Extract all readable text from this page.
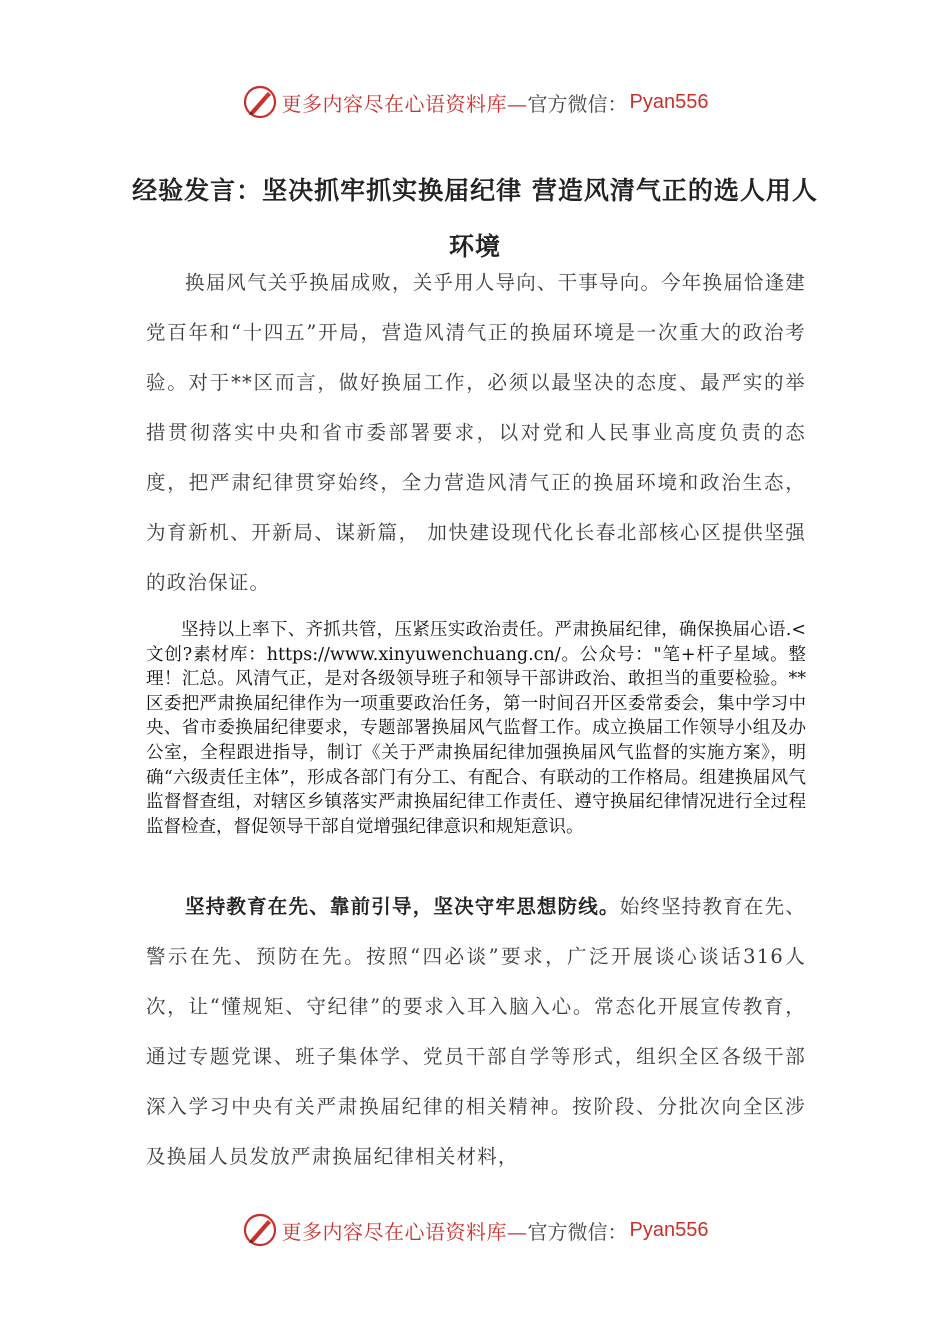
更多内容尽在心语资料库— 官方微信： Pyan556
经验发言：坚决抓牢抓实换届纪律 营造风清气正的选人用人环境

换届风气关乎换届成败，关乎用人导向、干事导向。今年换届恰逢建党百年和“十四五”开局，营造风清气正的换届环境是一次重大的政治考验。对于**区而言，做好换届工作，必须以最坚决的态度、最严实的举措贯彻落实中央和省市委部署要求，以对党和人民事业高度负责的态度，把严肃纪律贯穿始终，全力营造风清气正的换届环境和政治生态，为育新机、开新局、谋新篇， 加快建设现代化长春北部核心区提供坚强的政治保证。

坚持以上率下、齐抓共管，压紧压实政治责任。严肃换届纪律，确保换届心语.<文创?素材库：https://www.xinyuwenchuang.cn/。公众号："笔+杆子星域。整理！汇总。风清气正，是对各级领导班子和领导干部讲政治、敢担当的重要检验。**区委把严肃换届纪律作为一项重要政治任务，第一时间召开区委常委会，集中学习中央、省市委换届纪律要求，专题部署换届风气监督工作。成立换届工作领导小组及办公室，全程跟进指导，制订《关于严肃换届纪律加强换届风气监督的实施方案》，明确“六级责任主体”，形成各部门有分工、有配合、有联动的工作格局。组建换届风气监督督查组，对辖区乡镇落实严肃换届纪律工作责任、遵守换届纪律情况进行全过程监督检查，督促领导干部自觉增强纪律意识和规矩意识。

坚持教育在先、靠前引导，坚决守牢思想防线。始终坚持教育在先、警示在先、预防在先。按照“四必谈”要求，广泛开展谈心谈话316人次，让“懂规矩、守纪律”的要求入耳入脑入心。常态化开展宣传教育，通过专题党课、班子集体学、党员干部自学等形式，组织全区各级干部深入学习中央有关严肃换届纪律的相关精神。按阶段、分批次向全区涉及换届人员发放严肃换届纪律相关材料，

更多内容尽在心语资料库— 官方微信： Pyan556
